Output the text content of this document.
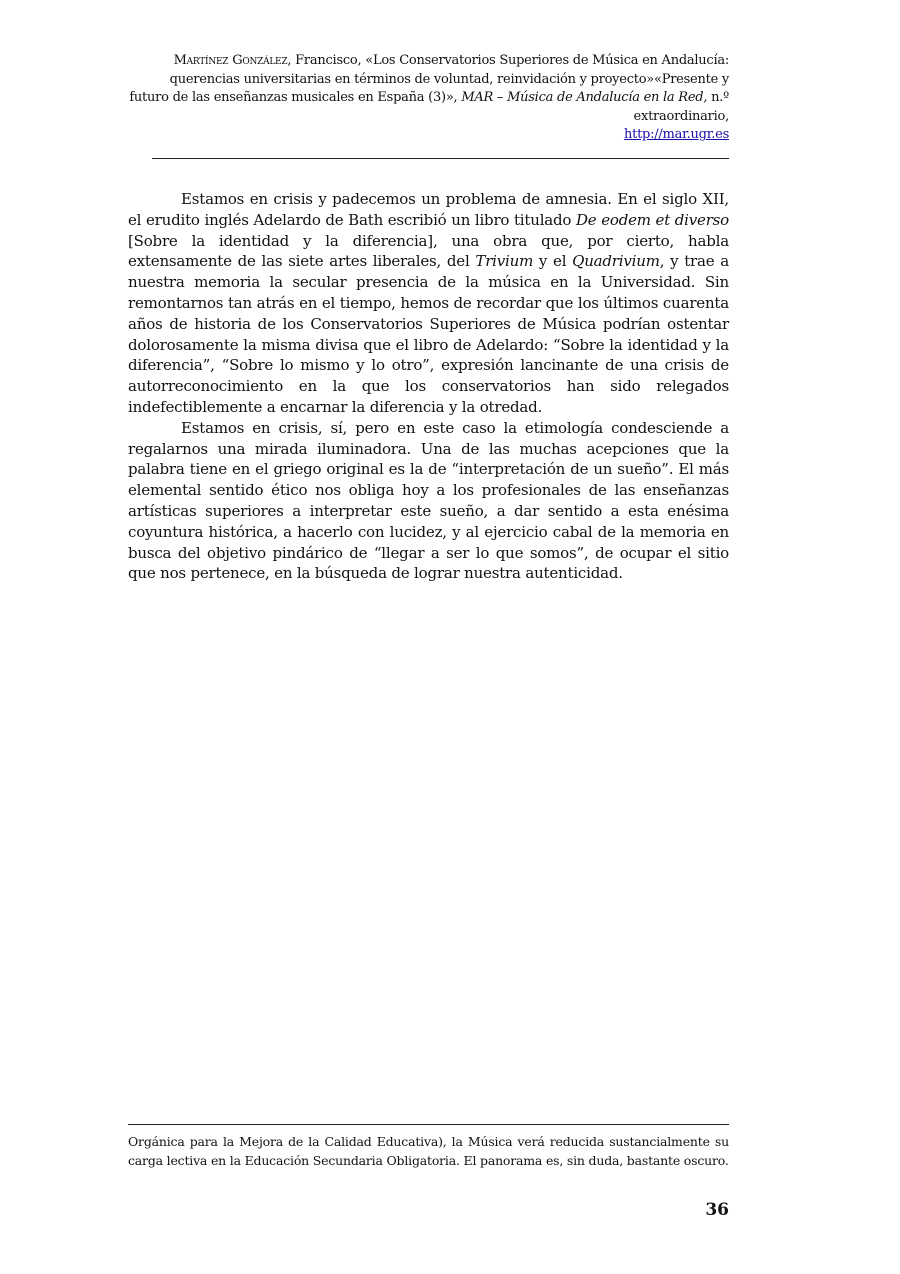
Martínez González, Francisco, «Los Conservatorios Superiores de Música en Andalucía: querencias universitarias en términos de voluntad, reinvidación y proyecto»«Presente y futuro de las enseñanzas musicales en España (3)», MAR – Música de Andalucía en la Red, n.º extraordinario,
http://mar.ugr.es

Estamos en crisis y padecemos un problema de amnesia. En el siglo XII, el erudito inglés Adelardo de Bath escribió un libro titulado De eodem et diverso [Sobre la identidad y la diferencia], una obra que, por cierto, habla extensamente de las siete artes liberales, del Trivium y el Quadrivium, y trae a nuestra memoria la secular presencia de la música en la Universidad. Sin remontarnos tan atrás en el tiempo, hemos de recordar que los últimos cuarenta años de historia de los Conservatorios Superiores de Música podrían ostentar dolorosamente la misma divisa que el libro de Adelardo: “Sobre la identidad y la diferencia”, “Sobre lo mismo y lo otro”, expresión lancinante de una crisis de autorreconocimiento en la que los conservatorios han sido relegados indefectiblemente a encarnar la diferencia y la otredad.

Estamos en crisis, sí, pero en este caso la etimología condesciende a regalarnos una mirada iluminadora. Una de las muchas acepciones que la palabra tiene en el griego original es la de “interpretación de un sueño”. El más elemental sentido ético nos obliga hoy a los profesionales de las enseñanzas artísticas superiores a interpretar este sueño, a dar sentido a esta enésima coyuntura histórica, a hacerlo con lucidez, y al ejercicio cabal de la memoria en busca del objetivo pindárico de “llegar a ser lo que somos”, de ocupar el sitio que nos pertenece, en la búsqueda de lograr nuestra autenticidad.

Orgánica para la Mejora de la Calidad Educativa), la Música verá reducida sustancialmente su carga lectiva en la Educación Secundaria Obligatoria. El panorama es, sin duda, bastante oscuro.
36
